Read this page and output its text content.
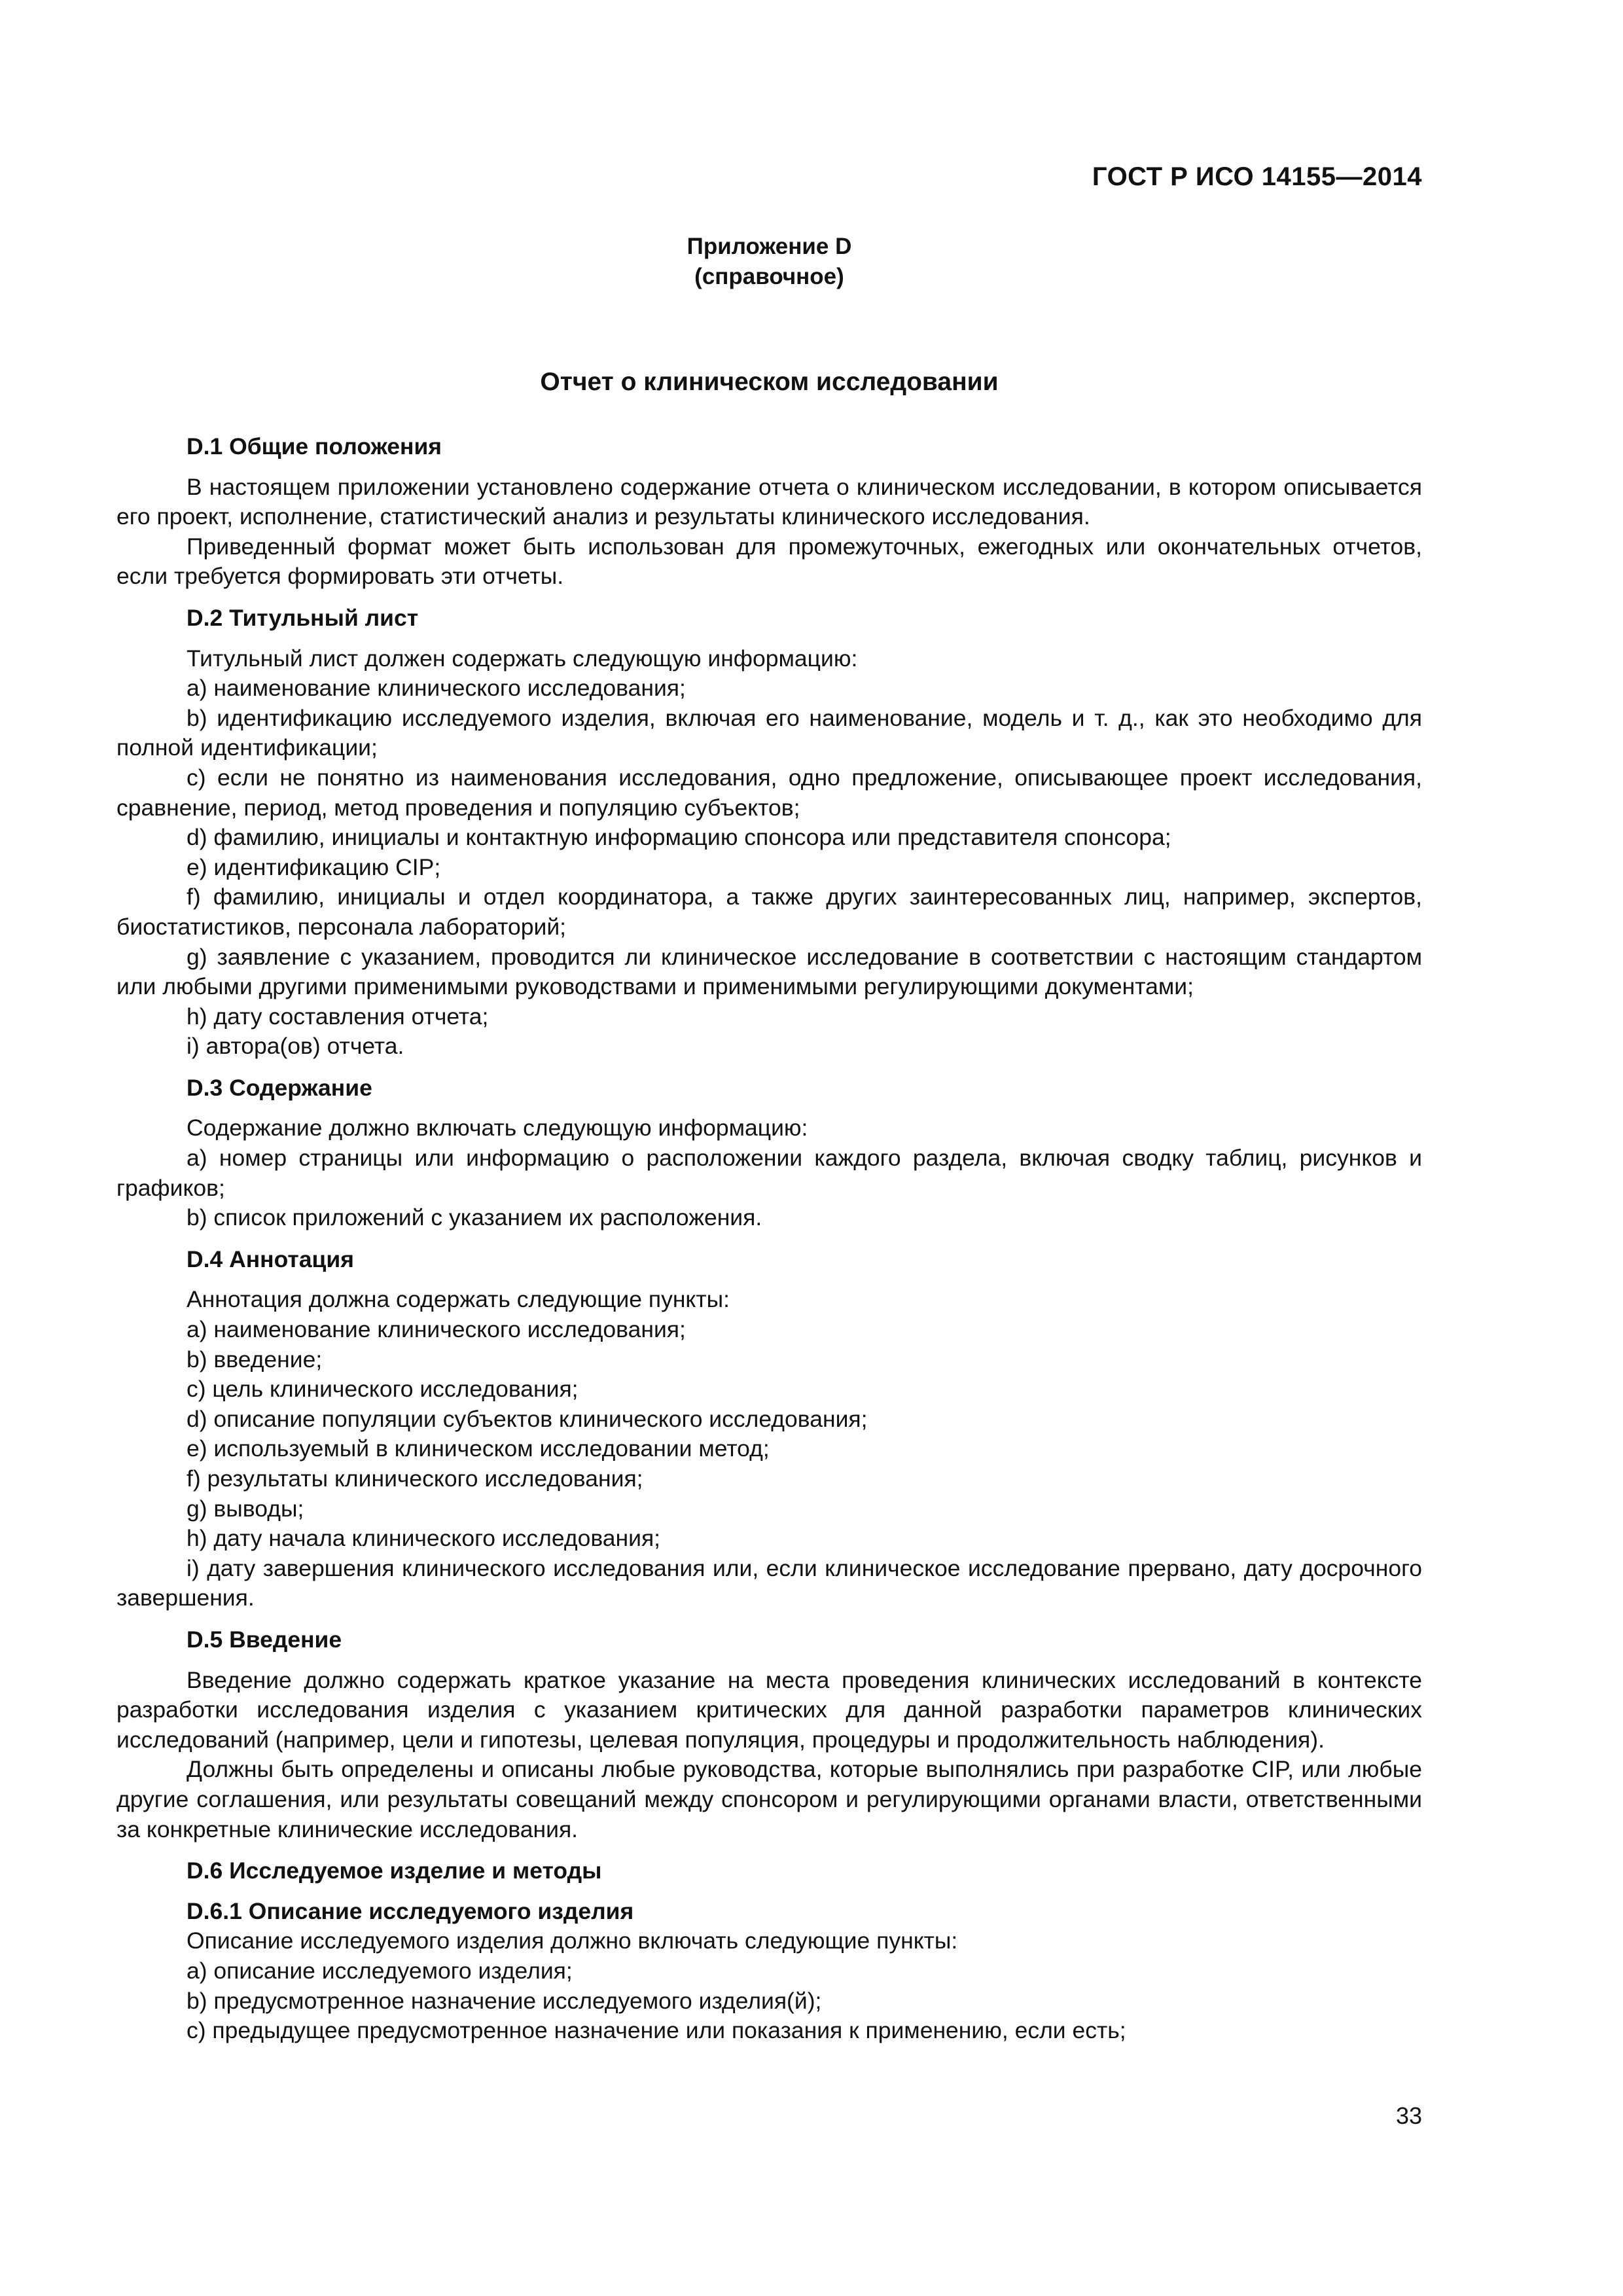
ГОСТ Р ИСО 14155—2014
Приложение D
(справочное)
Отчет о клиническом исследовании
D.1 Общие положения

В настоящем приложении установлено содержание отчета о клиническом исследовании, в котором описывается его проект, исполнение, статистический анализ и результаты клинического исследования.

Приведенный формат может быть использован для промежуточных, ежегодных или окончательных отчетов, если требуется формировать эти отчеты.

D.2 Титульный лист

Титульный лист должен содержать следующую информацию:

a) наименование клинического исследования;

b) идентификацию исследуемого изделия, включая его наименование, модель и т. д., как это необходимо для полной идентификации;

c) если не понятно из наименования исследования, одно предложение, описывающее проект исследования, сравнение, период, метод проведения и популяцию субъектов;

d) фамилию, инициалы и контактную информацию спонсора или представителя спонсора;

e) идентификацию CIP;

f) фамилию, инициалы и отдел координатора, а также других заинтересованных лиц, например, экспертов, биостатистиков, персонала лабораторий;

g) заявление с указанием, проводится ли клиническое исследование в соответствии с настоящим стандартом или любыми другими применимыми руководствами и применимыми регулирующими документами;

h) дату составления отчета;

i) автора(ов) отчета.

D.3 Содержание

Содержание должно включать следующую информацию:

a) номер страницы или информацию о расположении каждого раздела, включая сводку таблиц, рисунков и графиков;

b) список приложений с указанием их расположения.

D.4 Аннотация

Аннотация должна содержать следующие пункты:

a) наименование клинического исследования;

b) введение;

c) цель клинического исследования;

d) описание популяции субъектов клинического исследования;

e) используемый в клиническом исследовании метод;

f) результаты клинического исследования;

g) выводы;

h) дату начала клинического исследования;

i) дату завершения клинического исследования или, если клиническое исследование прервано, дату досрочного завершения.

D.5 Введение

Введение должно содержать краткое указание на места проведения клинических исследований в контексте разработки исследования изделия с указанием критических для данной разработки параметров клинических исследований (например, цели и гипотезы, целевая популяция, процедуры и продолжительность наблюдения).

Должны быть определены и описаны любые руководства, которые выполнялись при разработке CIP, или любые другие соглашения, или результаты совещаний между спонсором и регулирующими органами власти, ответственными за конкретные клинические исследования.

D.6 Исследуемое изделие и методы
D.6.1 Описание исследуемого изделия

Описание исследуемого изделия должно включать следующие пункты:

a) описание исследуемого изделия;

b) предусмотренное назначение исследуемого изделия(й);

c) предыдущее предусмотренное назначение или показания к применению, если есть;

33
